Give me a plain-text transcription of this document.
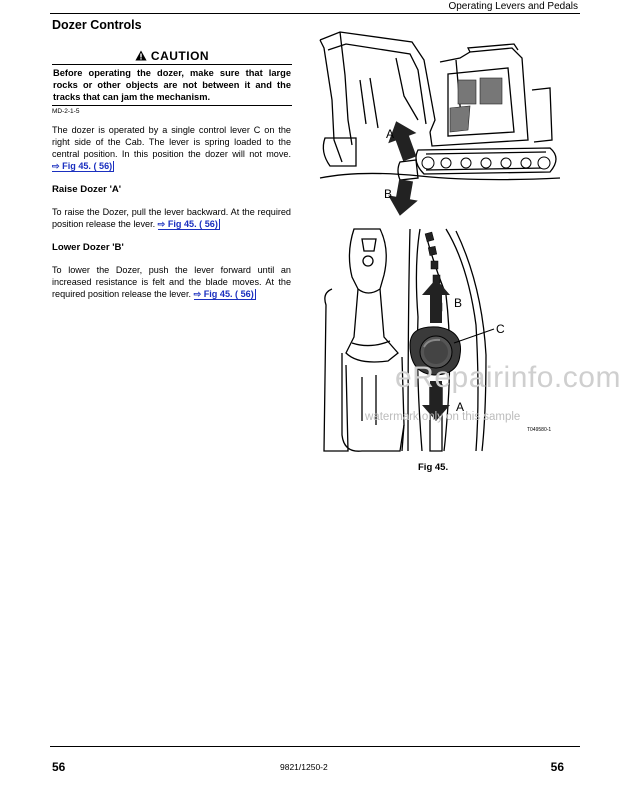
Operating Levers and Pedals
Dozer Controls
CAUTION
Before operating the dozer, make sure that large rocks or other objects are not between it and the tracks that can jam the mechanism.
MD-2-1-5
The dozer is operated by a single control lever C on the right side of the Cab. The lever is spring loaded to the central position. In this position the dozer will not move. ⇨ Fig 45. ( 56)
Raise Dozer 'A'
To raise the Dozer, pull the lever backward. At the required position release the lever. ⇨ Fig 45. ( 56)
Lower Dozer 'B'
To lower the Dozer, push the lever forward until an increased resistance is felt and the blade moves. At the required position release the lever. ⇨ Fig 45. ( 56)
A
B
B
C
A
eRepairinfo.com
watermark only on this sample
T049580-1
Fig 45.
56	9821/1250-2	56
